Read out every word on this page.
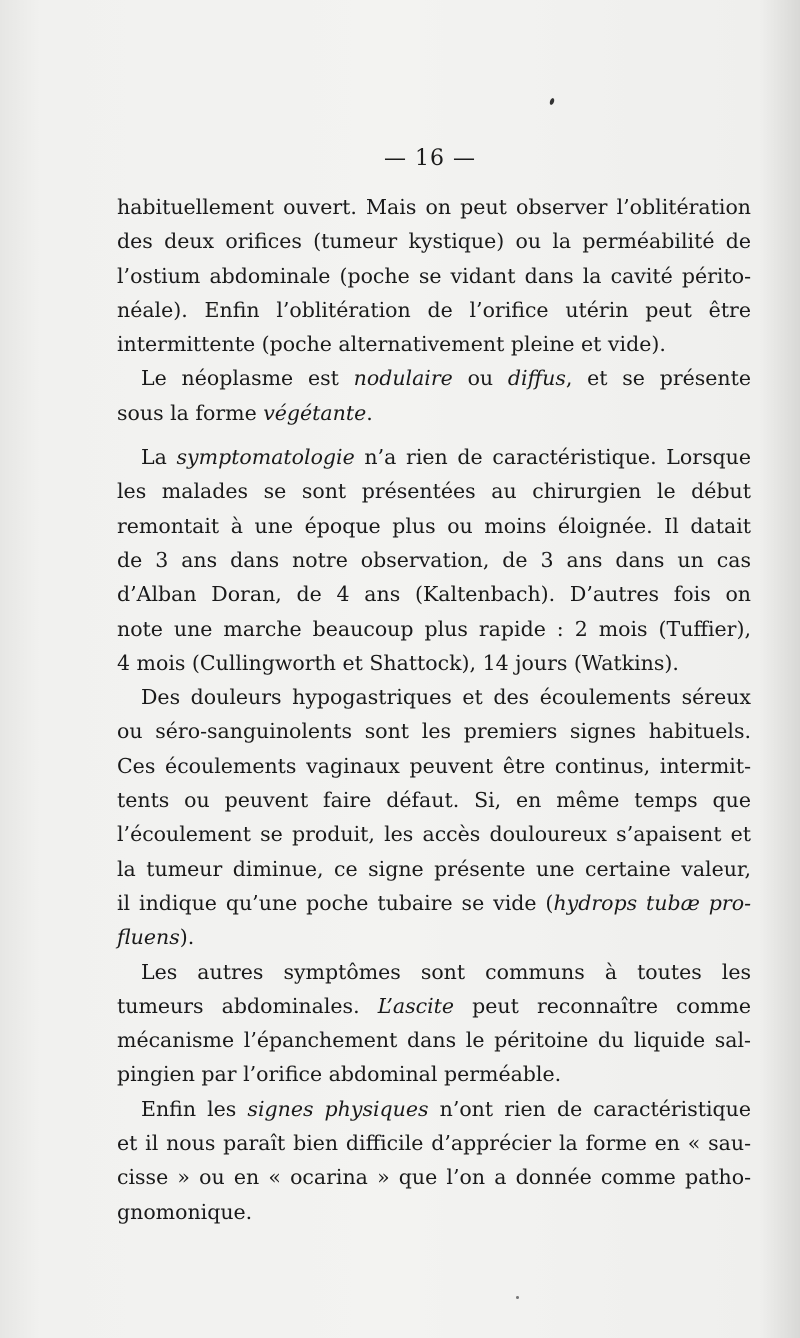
— 16 —
habituellement ouvert. Mais on peut observer l’oblitération
des deux orifices (tumeur kystique) ou la perméabilité de
l’ostium abdominale (poche se vidant dans la cavité périto-
néale). Enfin l’oblitération de l’orifice utérin peut être
intermittente (poche alternativement pleine et vide).
Le néoplasme est nodulaire ou diffus, et se présente
sous la forme végétante.
La symptomatologie n’a rien de caractéristique. Lorsque
les malades se sont présentées au chirurgien le début
remontait à une époque plus ou moins éloignée. Il datait
de 3 ans dans notre observation, de 3 ans dans un cas
d’Alban Doran, de 4 ans (Kaltenbach). D’autres fois on
note une marche beaucoup plus rapide : 2 mois (Tuffier),
4 mois (Cullingworth et Shattock), 14 jours (Watkins).
Des douleurs hypogastriques et des écoulements séreux
ou séro-sanguinolents sont les premiers signes habituels.
Ces écoulements vaginaux peuvent être continus, intermit-
tents ou peuvent faire défaut. Si, en même temps que
l’écoulement se produit, les accès douloureux s’apaisent et
la tumeur diminue, ce signe présente une certaine valeur,
il indique qu’une poche tubaire se vide (hydrops tubæ pro-
fluens).
Les autres symptômes sont communs à toutes les
tumeurs abdominales. L’ascite peut reconnaître comme
mécanisme l’épanchement dans le péritoine du liquide sal-
pingien par l’orifice abdominal perméable.
Enfin les signes physiques n’ont rien de caractéristique
et il nous paraît bien difficile d’apprécier la forme en « sau-
cisse » ou en « ocarina » que l’on a donnée comme patho-
gnomonique.
